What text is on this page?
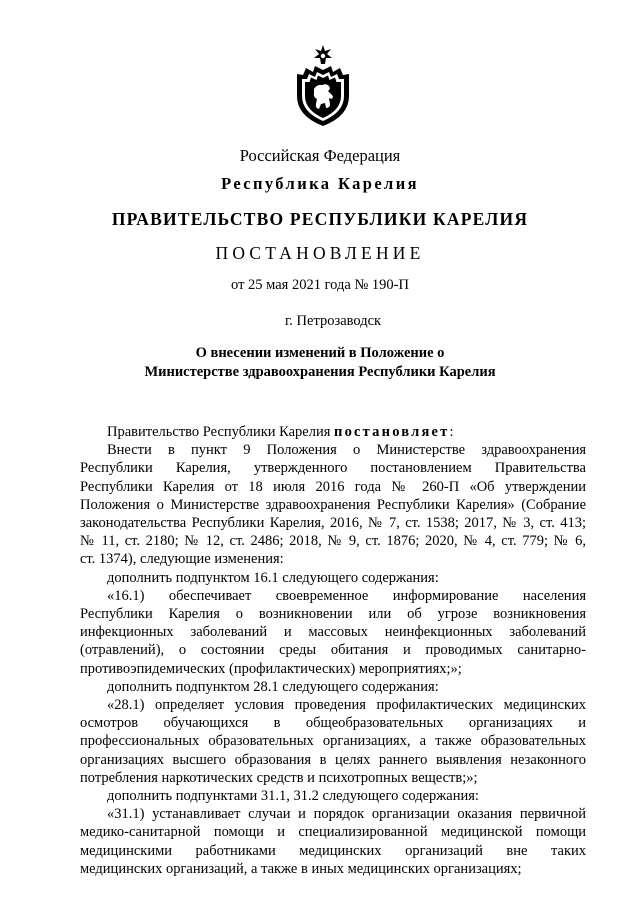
Российская Федерация
Республика Карелия
ПРАВИТЕЛЬСТВО РЕСПУБЛИКИ КАРЕЛИЯ
ПОСТАНОВЛЕНИЕ
от 25 мая 2021 года № 190-П
г. Петрозаводск
О внесении изменений в Положение о
Министерстве здравоохранения Республики Карелия
Правительство Республики Карелия постановляет:
Внести в пункт 9 Положения о Министерстве здравоохранения
Республики Карелия, утвержденного постановлением Правительства
Республики Карелия от 18 июля 2016 года № 260-П «Об утверждении
Положения о Министерстве здравоохранения Республики Карелия» (Собрание
законодательства Республики Карелия, 2016, № 7, ст. 1538; 2017, № 3, ст. 413;
№ 11, ст. 2180; № 12, ст. 2486; 2018, № 9, ст. 1876; 2020, № 4, ст. 779; № 6,
ст. 1374), следующие изменения:
дополнить подпунктом 16.1 следующего содержания:
«16.1) обеспечивает своевременное информирование населения
Республики Карелия о возникновении или об угрозе возникновения
инфекционных заболеваний и массовых неинфекционных заболеваний
(отравлений), о состоянии среды обитания и проводимых санитарно-
противоэпидемических (профилактических) мероприятиях;»;
дополнить подпунктом 28.1 следующего содержания:
«28.1) определяет условия проведения профилактических медицинских
осмотров обучающихся в общеобразовательных организациях и
профессиональных образовательных организациях, а также образовательных
организациях высшего образования в целях раннего выявления незаконного
потребления наркотических средств и психотропных веществ;»;
дополнить подпунктами 31.1, 31.2 следующего содержания:
«31.1) устанавливает случаи и порядок организации оказания первичной
медико-санитарной помощи и специализированной медицинской помощи
медицинскими работниками медицинских организаций вне таких
медицинских организаций, а также в иных медицинских организациях;
